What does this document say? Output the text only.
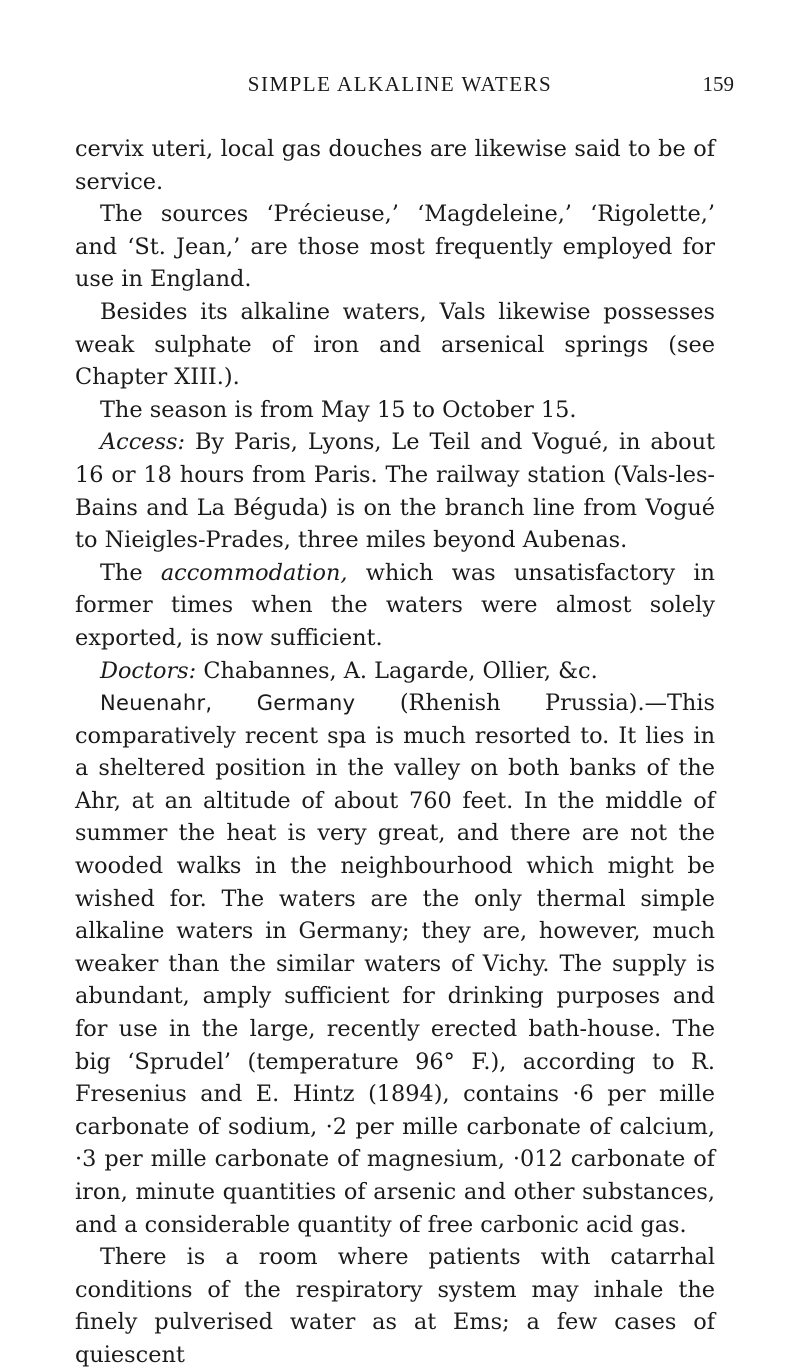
SIMPLE ALKALINE WATERS	159

cervix uteri, local gas douches are likewise said to be of service.

The sources ‘Précieuse,’ ‘Magdeleine,’ ‘Rigolette,’ and ‘St. Jean,’ are those most frequently employed for use in England.

Besides its alkaline waters, Vals likewise possesses weak sulphate of iron and arsenical springs (see Chapter XIII.).

The season is from May 15 to October 15.

Access: By Paris, Lyons, Le Teil and Vogué, in about 16 or 18 hours from Paris. The railway station (Vals-les-Bains and La Béguda) is on the branch line from Vogué to Nieigles-Prades, three miles beyond Aubenas.

The accommodation, which was unsatisfactory in former times when the waters were almost solely exported, is now sufficient.

Doctors: Chabannes, A. Lagarde, Ollier, &c.

Neuenahr, Germany (Rhenish Prussia).—This comparatively recent spa is much resorted to. It lies in a sheltered position in the valley on both banks of the Ahr, at an altitude of about 760 feet. In the middle of summer the heat is very great, and there are not the wooded walks in the neighbourhood which might be wished for. The waters are the only thermal simple alkaline waters in Germany; they are, however, much weaker than the similar waters of Vichy. The supply is abundant, amply sufficient for drinking purposes and for use in the large, recently erected bath-house. The big ‘Sprudel’ (temperature 96° F.), according to R. Fresenius and E. Hintz (1894), contains ·6 per mille carbonate of sodium, ·2 per mille carbonate of calcium, ·3 per mille carbonate of magnesium, ·012 carbonate of iron, minute quantities of arsenic and other substances, and a considerable quantity of free carbonic acid gas.

There is a room where patients with catarrhal conditions of the respiratory system may inhale the finely pulverised water as at Ems; a few cases of quiescent
